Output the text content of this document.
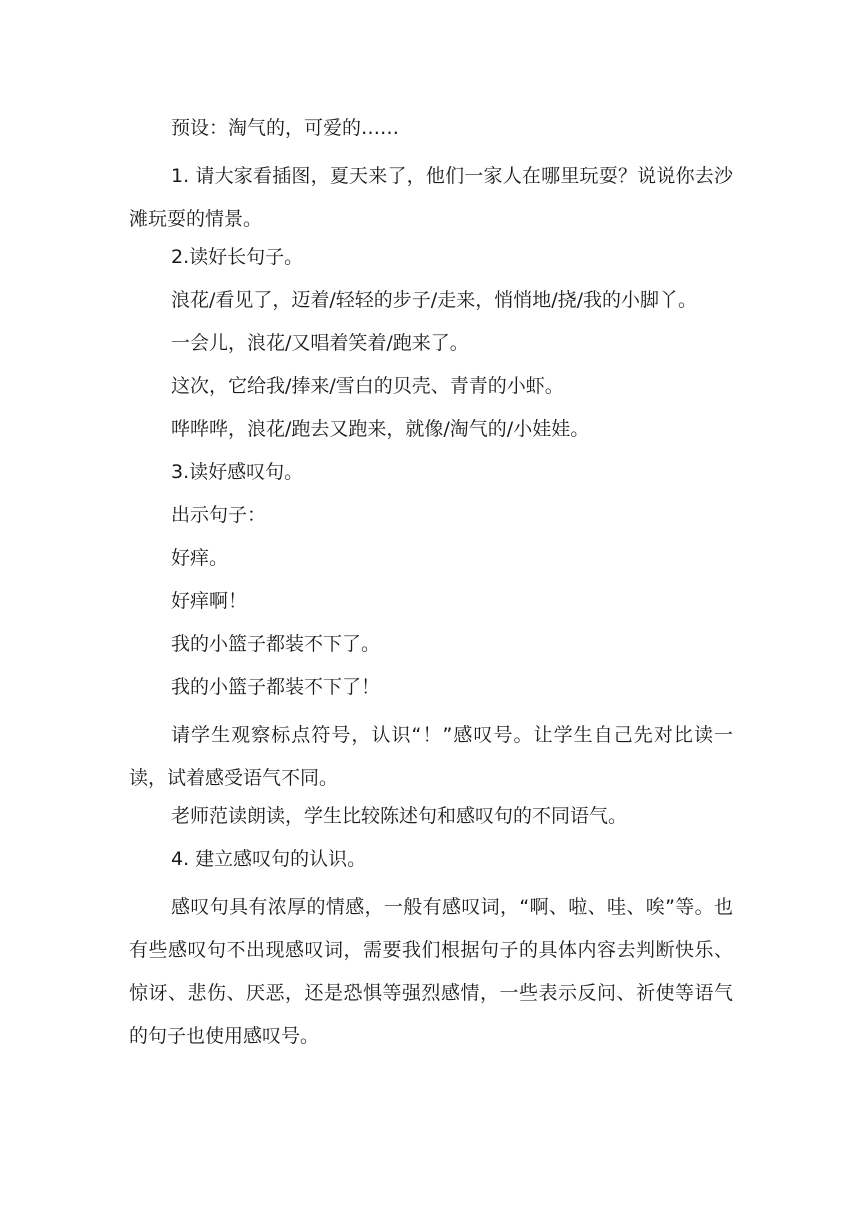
预设：淘气的，可爱的……

1. 请大家看插图，夏天来了，他们一家人在哪里玩耍？说说你去沙滩玩耍的情景。

2.读好长句子。

浪花/看见了，迈着/轻轻的步子/走来，悄悄地/挠/我的小脚丫。

一会儿，浪花/又唱着笑着/跑来了。

这次，它给我/捧来/雪白的贝壳、青青的小虾。

哗哗哗，浪花/跑去又跑来，就像/淘气的/小娃娃。

3.读好感叹句。

出示句子：

好痒。

好痒啊！

我的小篮子都装不下了。

我的小篮子都装不下了！

请学生观察标点符号，认识“！”感叹号。让学生自己先对比读一读，试着感受语气不同。

老师范读朗读，学生比较陈述句和感叹句的不同语气。

4. 建立感叹句的认识。

感叹句具有浓厚的情感，一般有感叹词，“啊、啦、哇、唉”等。也有些感叹句不出现感叹词，需要我们根据句子的具体内容去判断快乐、惊讶、悲伤、厌恶，还是恐惧等强烈感情，一些表示反问、祈使等语气的句子也使用感叹号。
